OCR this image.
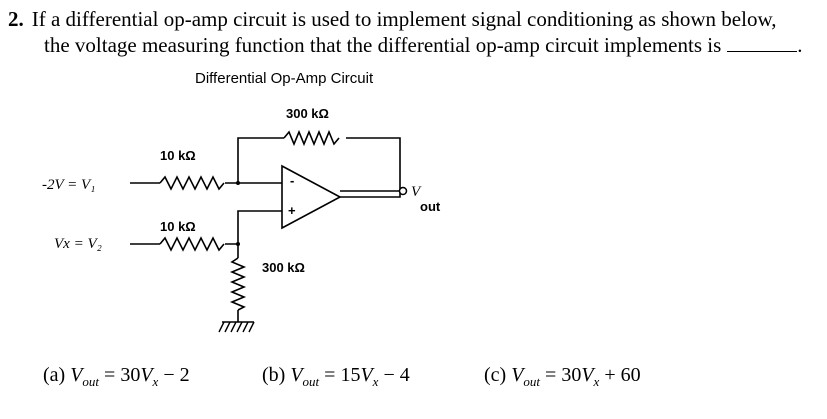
2. If a differential op-amp circuit is used to implement signal conditioning as shown below,
the voltage measuring function that the differential op-amp circuit implements is	.
Differential Op-Amp Circuit
300 kΩ
10 kΩ
10 kΩ
300 kΩ
-2V = V₁
Vx = V₂
V
out
-
+
(a) $V_{out} = 30V_x - 2$	(b) $V_{out} = 15V_x - 4$	(c) $V_{out} = 30V_x + 60$
